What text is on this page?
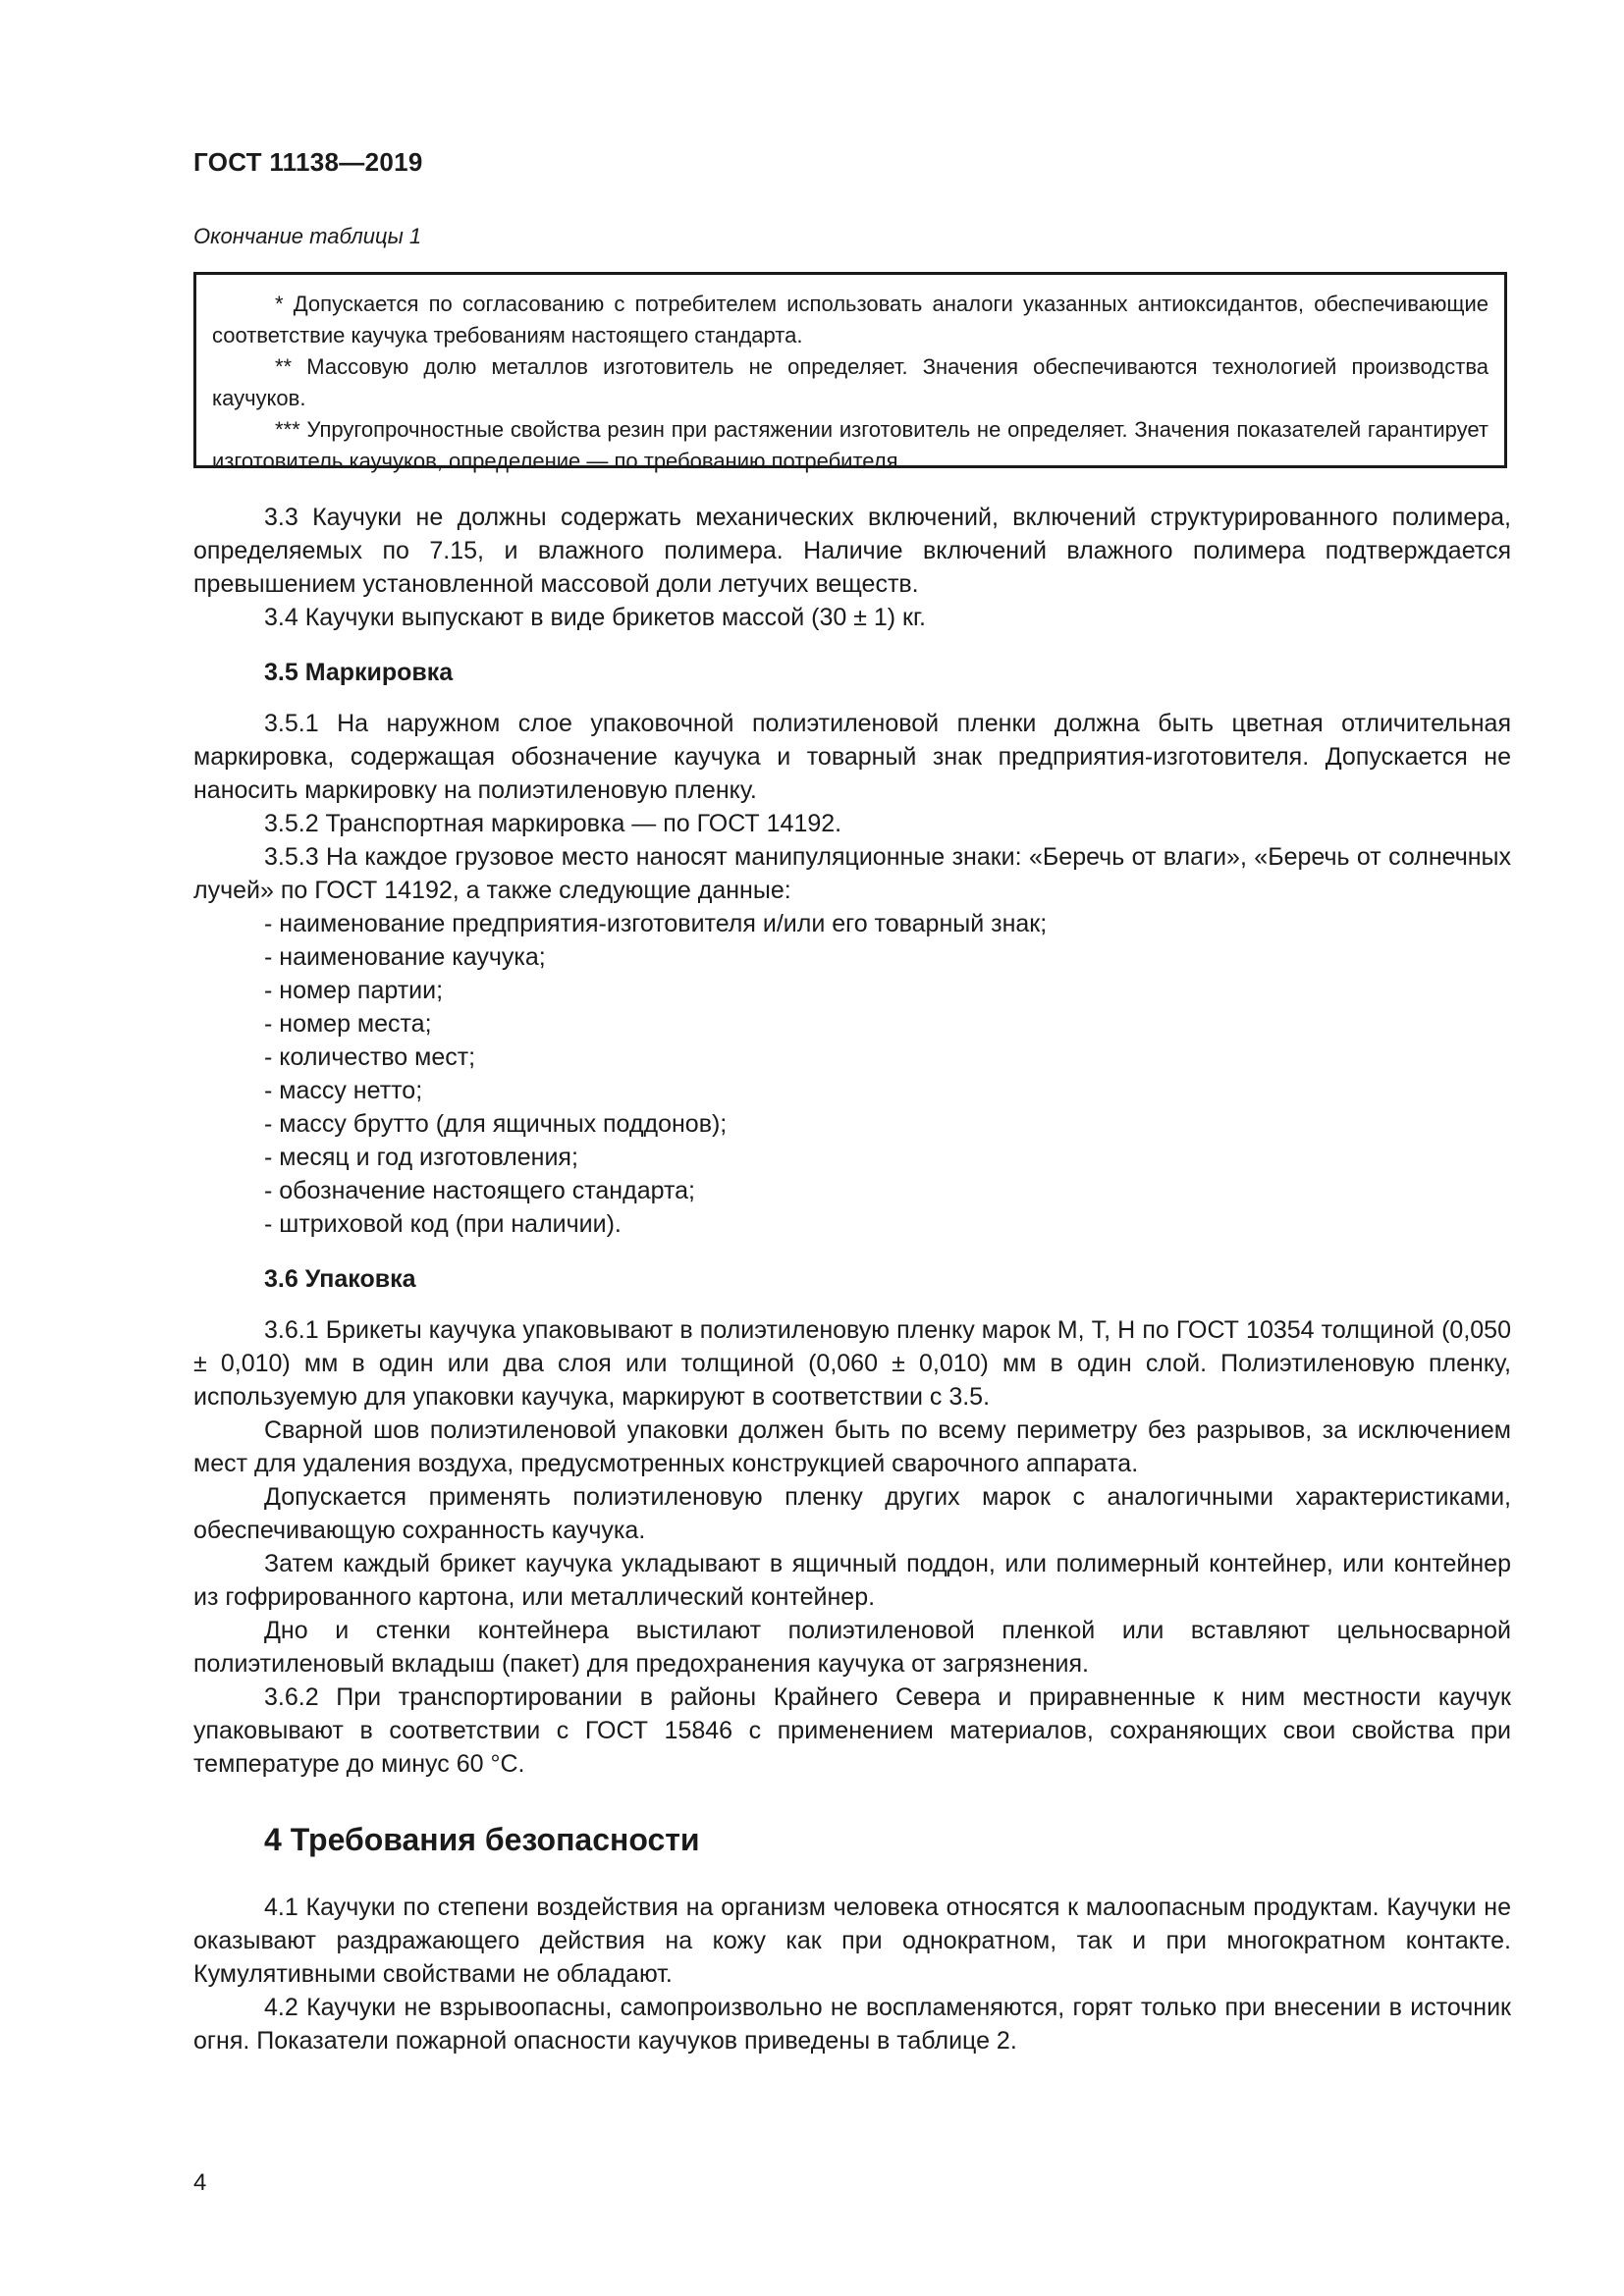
ГОСТ 11138—2019
Окончание таблицы 1

* Допускается по согласованию с потребителем использовать аналоги указанных антиоксидантов, обеспечивающие соответствие каучука требованиям настоящего стандарта.

** Массовую долю металлов изготовитель не определяет. Значения обеспечиваются технологией производства каучуков.

*** Упругопрочностные свойства резин при растяжении изготовитель не определяет. Значения показателей гарантирует изготовитель каучуков, определение — по требованию потребителя.

3.3 Каучуки не должны содержать механических включений, включений структурированного полимера, определяемых по 7.15, и влажного полимера. Наличие включений влажного полимера подтверждается превышением установленной массовой доли летучих веществ.

3.4 Каучуки выпускают в виде брикетов массой (30 ± 1) кг.

3.5 Маркировка

3.5.1 На наружном слое упаковочной полиэтиленовой пленки должна быть цветная отличительная маркировка, содержащая обозначение каучука и товарный знак предприятия-изготовителя. Допускается не наносить маркировку на полиэтиленовую пленку.

3.5.2 Транспортная маркировка — по ГОСТ 14192.

3.5.3 На каждое грузовое место наносят манипуляционные знаки: «Беречь от влаги», «Беречь от солнечных лучей» по ГОСТ 14192, а также следующие данные:

- наименование предприятия-изготовителя и/или его товарный знак;
- наименование каучука;
- номер партии;
- номер места;
- количество мест;
- массу нетто;
- массу брутто (для ящичных поддонов);
- месяц и год изготовления;
- обозначение настоящего стандарта;
- штриховой код (при наличии).
3.6 Упаковка

3.6.1 Брикеты каучука упаковывают в полиэтиленовую пленку марок М, Т, Н по ГОСТ 10354 толщиной (0,050 ± 0,010) мм в один или два слоя или толщиной (0,060 ± 0,010) мм в один слой. Полиэтиленовую пленку, используемую для упаковки каучука, маркируют в соответствии с 3.5.

Сварной шов полиэтиленовой упаковки должен быть по всему периметру без разрывов, за исключением мест для удаления воздуха, предусмотренных конструкцией сварочного аппарата.

Допускается применять полиэтиленовую пленку других марок с аналогичными характеристиками, обеспечивающую сохранность каучука.

Затем каждый брикет каучука укладывают в ящичный поддон, или полимерный контейнер, или контейнер из гофрированного картона, или металлический контейнер.

Дно и стенки контейнера выстилают полиэтиленовой пленкой или вставляют цельносварной полиэтиленовый вкладыш (пакет) для предохранения каучука от загрязнения.

3.6.2 При транспортировании в районы Крайнего Севера и приравненные к ним местности каучук упаковывают в соответствии с ГОСТ 15846 с применением материалов, сохраняющих свои свойства при температуре до минус 60 °С.

4 Требования безопасности

4.1 Каучуки по степени воздействия на организм человека относятся к малоопасным продуктам. Каучуки не оказывают раздражающего действия на кожу как при однократном, так и при многократном контакте. Кумулятивными свойствами не обладают.

4.2 Каучуки не взрывоопасны, самопроизвольно не воспламеняются, горят только при внесении в источник огня. Показатели пожарной опасности каучуков приведены в таблице 2.

4
